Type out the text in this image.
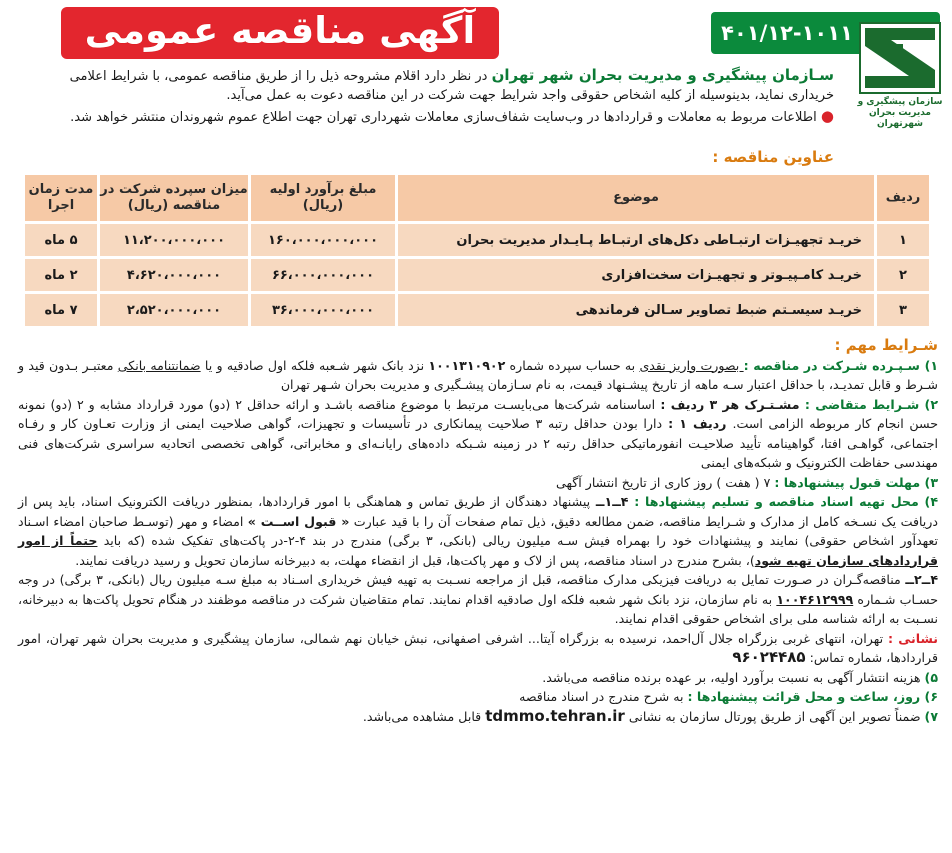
۴۰۱/۱۲-۱۰۱۱
آگهی مناقصه عمومی
سازمان پیشگیری و
مدیریت بحران شهرتهران
سـازمان پیشگیری و مدیریت بحران شهر تهران در نظر دارد اقلام مشروحه ذیل را از طریق مناقصه عمومی، با شرایط اعلامی
خریداری نماید، بدینوسیله از کلیه اشخاص حقوقی واجد شرایط جهت شرکت در این مناقصه دعوت به عمل می‌آید.
● اطلاعات مربوط به معاملات و قراردادها در وب‌سایت شفاف‌سازی معاملات شهرداری تهران جهت اطلاع عموم شهروندان منتشر خواهد شد.
عناوین مناقصه :
ردیف	موضوع	مبلغ برآورد اولیه (ریال)	میزان سپرده شرکت در مناقصه (ریال)	مدت زمان اجرا
۱	خریـد تجهیـزات ارتبـاطی دکل‌های ارتبـاط پـایـدار مدیریت بحران	۱۶۰،۰۰۰،۰۰۰،۰۰۰	۱۱،۲۰۰،۰۰۰،۰۰۰	۵ ماه
۲	خریـد کامـپیـوتر و تجهیـزات سخت‌افزاری	۶۶،۰۰۰،۰۰۰،۰۰۰	۴،۶۲۰،۰۰۰،۰۰۰	۲ ماه
۳	خریـد سیسـتم ضبط تصاویر سـالن فرماندهی	۳۶،۰۰۰،۰۰۰،۰۰۰	۲،۵۲۰،۰۰۰،۰۰۰	۷ ماه

شـرایط مهم :

۱) سـپـرده شـرکت در مناقصه : بصورت واریز نقدی به حساب سپرده شماره ۱۰۰۱۳۱۰۹۰۲ نزد بانک شهر شـعبه فلکه اول صادقیه و یا ضمانتنامه بانکی معتبـر بـدون قید و شـرط و قابل تمدیـد، با حداقل اعتبار سـه ماهه از تاریخ پیشـنهاد قیمت، به نام سـازمان پیشـگیری و مدیریت بحران شـهر تهران

۲) شـرایط متقاضی : مشـتـرک هر ۳ ردیف : اساسنامه شرکت‌ها می‌بایسـت مرتبط با موضوع مناقصه باشـد و ارائه حداقل ۲ (دو) مورد قرارداد مشابه و ۲ (دو) نمونه حسن انجام کار مربوطه الزامی است. ردیف ۱ : دارا بودن حداقل رتبه ۳ صلاحیت پیمانکاری در تأسیسات و تجهیزات، گواهی صلاحیت ایمنی از وزارت تعـاون کار و رفـاه اجتماعی، گواهـی افتا، گواهینامه تأیید صلاحیـت انفورماتیکی حداقل رتبه ۲ در زمینه شـبکه داده‌های رایانـه‌ای و مخابراتی، گواهی تخصصی اتحادیه سراسری شرکت‌های فنی مهندسی حفاظت الکترونیک و شبکه‌های ایمنی

۳) مهلت قبول پیشنهادها : ۷ ( هفت ) روز کاری از تاریخ انتشار آگهی

۴) محل تهیه اسناد مناقصه و تسلیم پیشنهادها : ۴ــ۱ــ پیشنهاد دهندگان از طریق تماس و هماهنگی با امور قراردادها، بمنظور دریافت الکترونیک اسناد، باید پس از دریافت یک نسـخه کامل از مدارک و شـرایط مناقصه، ضمن مطالعه دقیق، ذیل تمام صفحات آن را با قید عبارت « قبول اســت » امضاء و مهر (توسـط صاحبان امضاء اسـناد تعهدآور اشخاص حقوقی) نمایند و پیشنهادات خود را بهمراه فیش سـه میلیون ریالی (بانکی، ۳ برگی) مندرج در بند ۴-۲-در پاکت‌های تفکیک شده (که باید حتماً از امور قراردادهای سازمان تهیه شود)، بشرح مندرج در اسناد مناقصه، پس از لاک و مهر پاکت‌ها، قبل از انقضاء مهلت، به دبیرخانه سازمان تحویل و رسید دریافت نمایند.

۴ــ۲ــ مناقصه‌گـران در صـورت تمایل به دریافت فیزیکی مدارک مناقصه، قبل از مراجعه نسـبت به تهیه فیش خریداری اسـناد به مبلغ سـه میلیون ریال (بانکی، ۳ برگی) در وجه حسـاب شـماره ۱۰۰۴۶۱۲۹۹۹ به نام سازمان، نزد بانک شهر شعبه فلکه اول صادقیه اقدام نمایند. تمام متقاضیان شرکت در مناقصه موظفند در هنگام تحویل پاکت‌ها به دبیرخانه، نسـبت به ارائه شناسه ملی برای اشخاص حقوقی اقدام نمایند.

نشانی : تهران، انتهای غربی بزرگراه جلال آل‌احمد، نرسیده به بزرگراه آیتا... اشرفی اصفهانی، نبش خیابان نهم شمالی، سازمان پیشگیری و مدیریت بحران شهر تهران، امور قراردادها، شماره تماس: ۹۶۰۲۴۴۸۵

۵) هزینه انتشار آگهی به نسبت برآورد اولیه، بر عهده برنده مناقصه می‌باشد.

۶) روز، ساعت و محل قرائت پیشنهادها : به شرح مندرج در اسناد مناقصه

۷) ضمناً تصویر این آگهی از طریق پورتال سازمان به نشانی tdmmo.tehran.ir قابل مشاهده می‌باشد.
